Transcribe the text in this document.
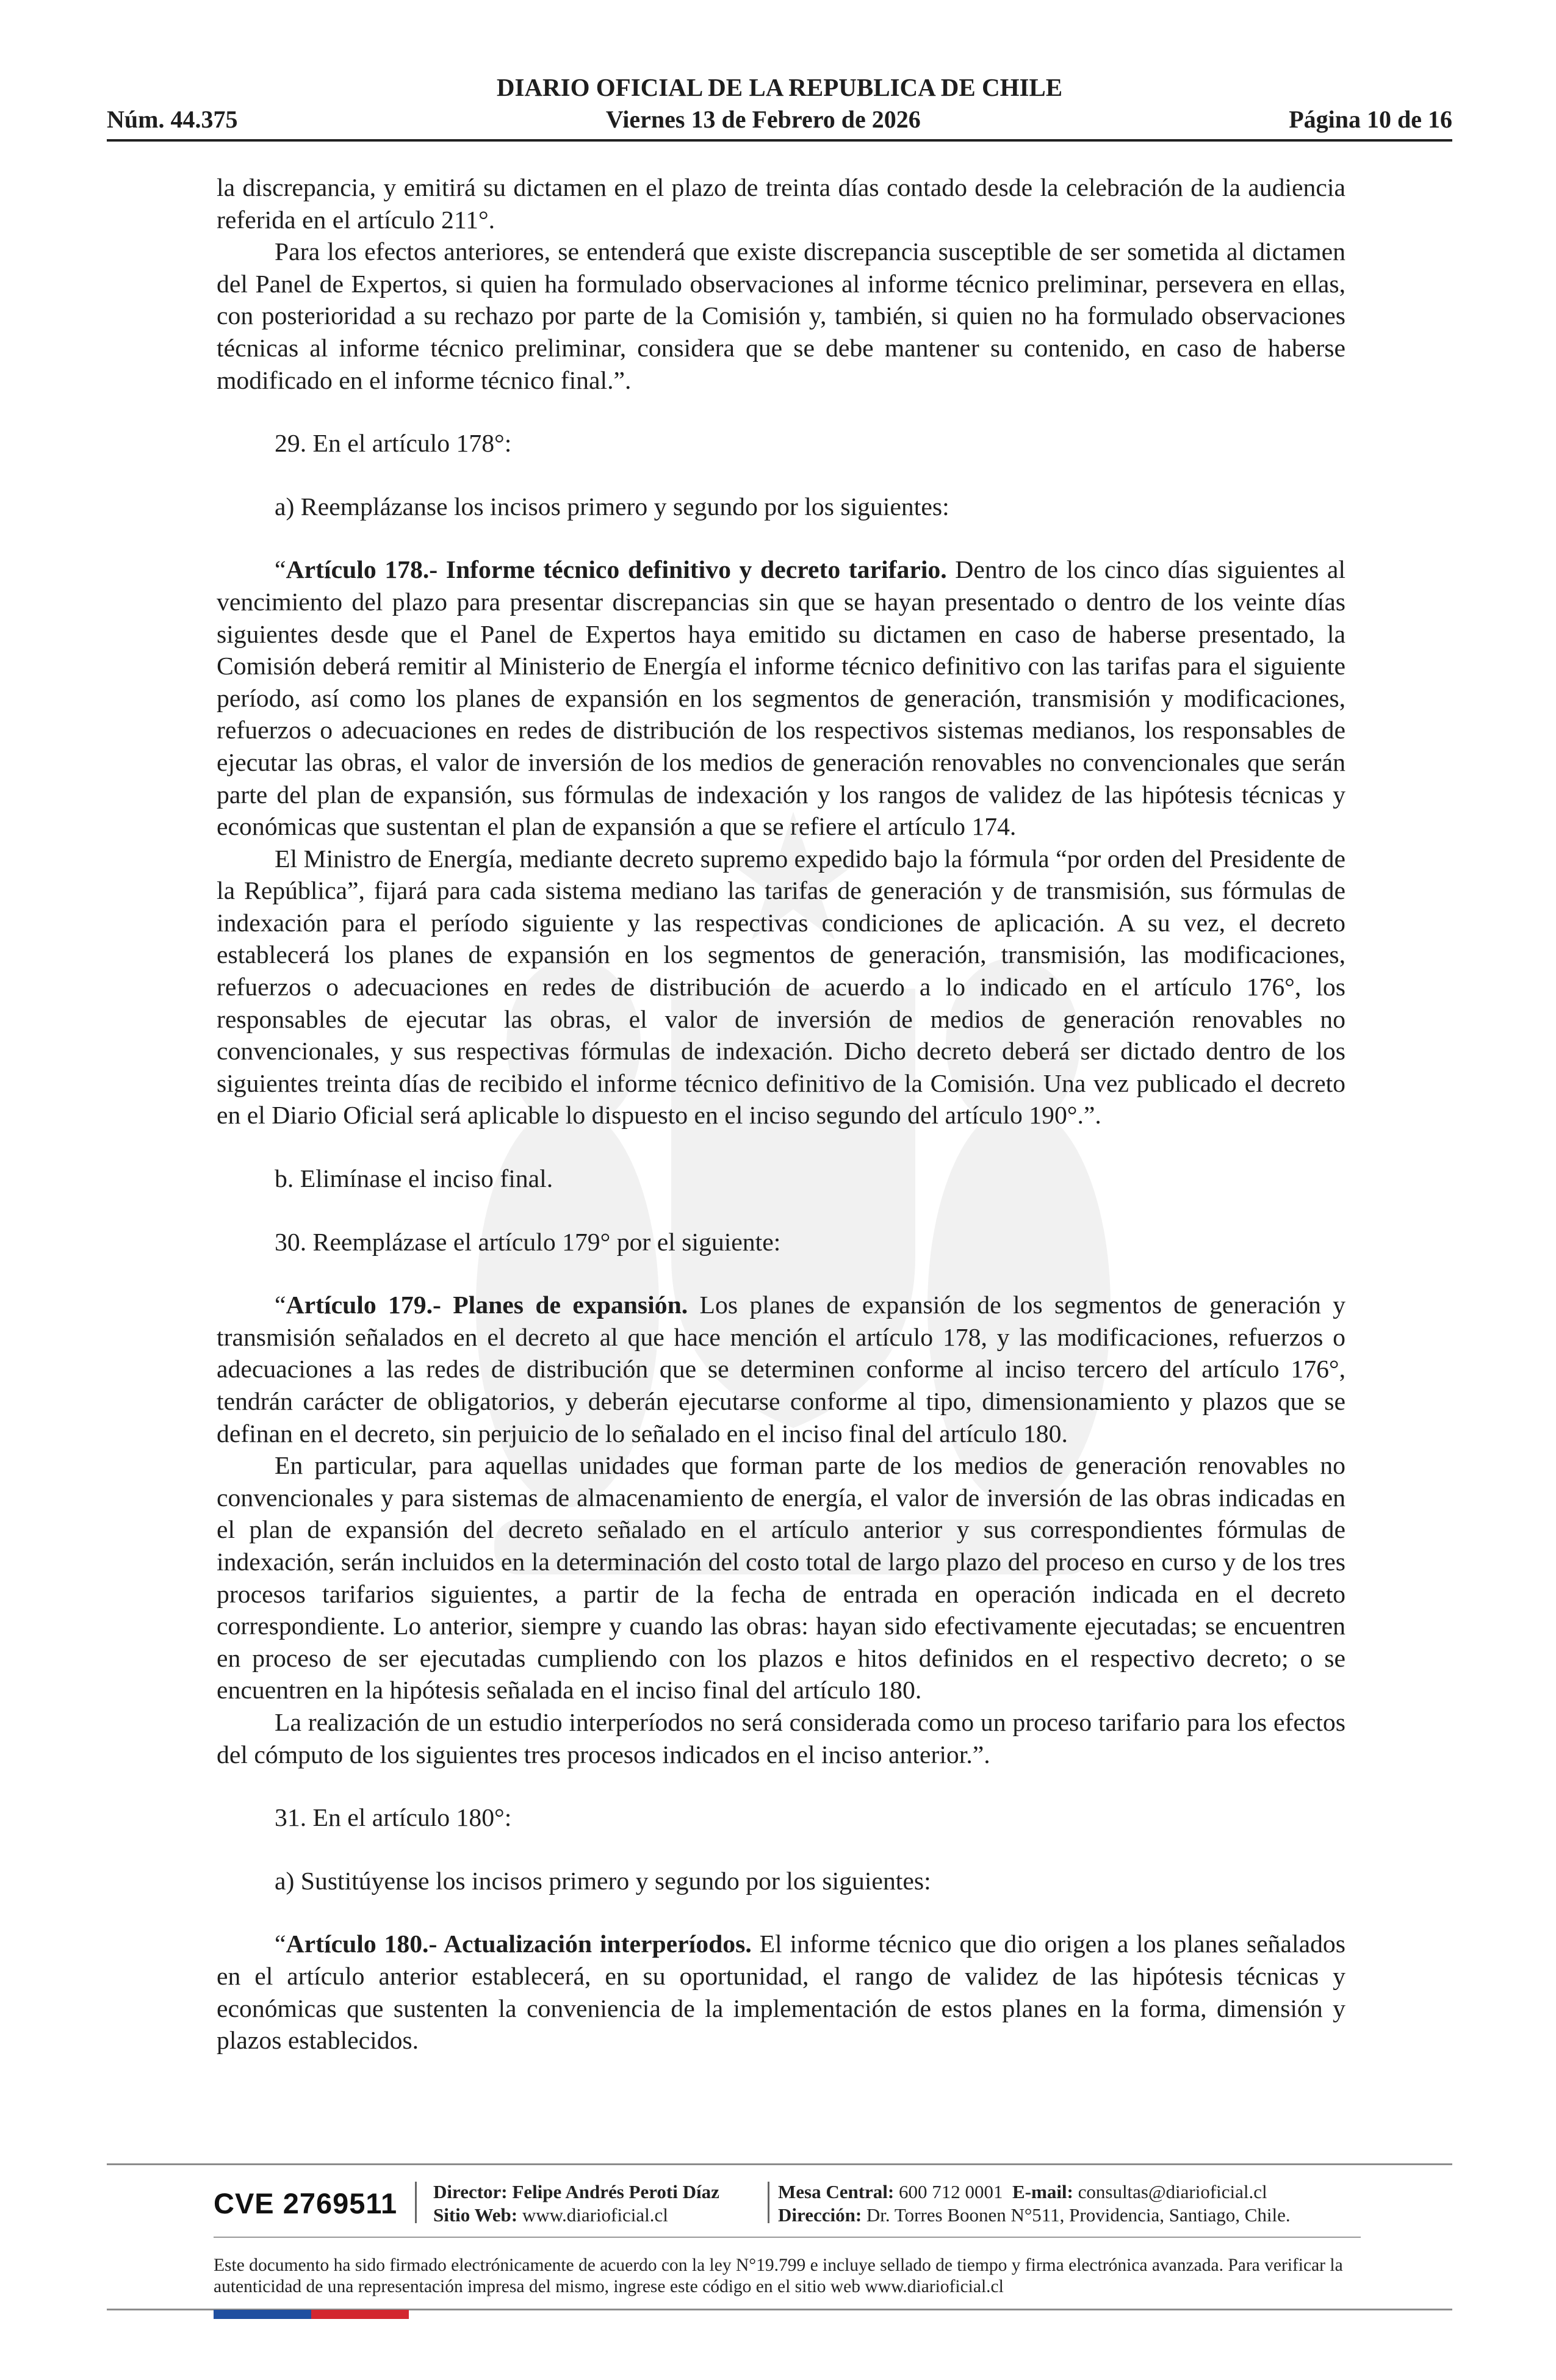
DIARIO OFICIAL DE LA REPUBLICA DE CHILE
Núm. 44.375	Viernes 13 de Febrero de 2026	Página 10 de 16

la discrepancia, y emitirá su dictamen en el plazo de treinta días contado desde la celebración de la audiencia referida en el artículo 211°.

Para los efectos anteriores, se entenderá que existe discrepancia susceptible de ser sometida al dictamen del Panel de Expertos, si quien ha formulado observaciones al informe técnico preliminar, persevera en ellas, con posterioridad a su rechazo por parte de la Comisión y, también, si quien no ha formulado observaciones técnicas al informe técnico preliminar, considera que se debe mantener su contenido, en caso de haberse modificado en el informe técnico final.”.

29. En el artículo 178°:

a) Reemplázanse los incisos primero y segundo por los siguientes:

“Artículo 178.- Informe técnico definitivo y decreto tarifario. Dentro de los cinco días siguientes al vencimiento del plazo para presentar discrepancias sin que se hayan presentado o dentro de los veinte días siguientes desde que el Panel de Expertos haya emitido su dictamen en caso de haberse presentado, la Comisión deberá remitir al Ministerio de Energía el informe técnico definitivo con las tarifas para el siguiente período, así como los planes de expansión en los segmentos de generación, transmisión y modificaciones, refuerzos o adecuaciones en redes de distribución de los respectivos sistemas medianos, los responsables de ejecutar las obras, el valor de inversión de los medios de generación renovables no convencionales que serán parte del plan de expansión, sus fórmulas de indexación y los rangos de validez de las hipótesis técnicas y económicas que sustentan el plan de expansión a que se refiere el artículo 174.

El Ministro de Energía, mediante decreto supremo expedido bajo la fórmula “por orden del Presidente de la República”, fijará para cada sistema mediano las tarifas de generación y de transmisión, sus fórmulas de indexación para el período siguiente y las respectivas condiciones de aplicación. A su vez, el decreto establecerá los planes de expansión en los segmentos de generación, transmisión, las modificaciones, refuerzos o adecuaciones en redes de distribución de acuerdo a lo indicado en el artículo 176°, los responsables de ejecutar las obras, el valor de inversión de medios de generación renovables no convencionales, y sus respectivas fórmulas de indexación. Dicho decreto deberá ser dictado dentro de los siguientes treinta días de recibido el informe técnico definitivo de la Comisión. Una vez publicado el decreto en el Diario Oficial será aplicable lo dispuesto en el inciso segundo del artículo 190°.”.

b. Elimínase el inciso final.

30. Reemplázase el artículo 179° por el siguiente:

“Artículo 179.- Planes de expansión. Los planes de expansión de los segmentos de generación y transmisión señalados en el decreto al que hace mención el artículo 178, y las modificaciones, refuerzos o adecuaciones a las redes de distribución que se determinen conforme al inciso tercero del artículo 176°, tendrán carácter de obligatorios, y deberán ejecutarse conforme al tipo, dimensionamiento y plazos que se definan en el decreto, sin perjuicio de lo señalado en el inciso final del artículo 180.

En particular, para aquellas unidades que forman parte de los medios de generación renovables no convencionales y para sistemas de almacenamiento de energía, el valor de inversión de las obras indicadas en el plan de expansión del decreto señalado en el artículo anterior y sus correspondientes fórmulas de indexación, serán incluidos en la determinación del costo total de largo plazo del proceso en curso y de los tres procesos tarifarios siguientes, a partir de la fecha de entrada en operación indicada en el decreto correspondiente. Lo anterior, siempre y cuando las obras: hayan sido efectivamente ejecutadas; se encuentren en proceso de ser ejecutadas cumpliendo con los plazos e hitos definidos en el respectivo decreto; o se encuentren en la hipótesis señalada en el inciso final del artículo 180.

La realización de un estudio interperíodos no será considerada como un proceso tarifario para los efectos del cómputo de los siguientes tres procesos indicados en el inciso anterior.”.

31. En el artículo 180°:

a) Sustitúyense los incisos primero y segundo por los siguientes:

“Artículo 180.- Actualización interperíodos. El informe técnico que dio origen a los planes señalados en el artículo anterior establecerá, en su oportunidad, el rango de validez de las hipótesis técnicas y económicas que sustenten la conveniencia de la implementación de estos planes en la forma, dimensión y plazos establecidos.

CVE 2769511 Director: Felipe Andrés Peroti Díaz
Sitio Web: www.diarioficial.cl
Mesa Central: 600 712 0001 E-mail: consultas@diarioficial.cl
Dirección: Dr. Torres Boonen N°511, Providencia, Santiago, Chile.
Este documento ha sido firmado electrónicamente de acuerdo con la ley N°19.799 e incluye sellado de tiempo y firma electrónica avanzada. Para verificar la autenticidad de una representación impresa del mismo, ingrese este código en el sitio web www.diarioficial.cl
